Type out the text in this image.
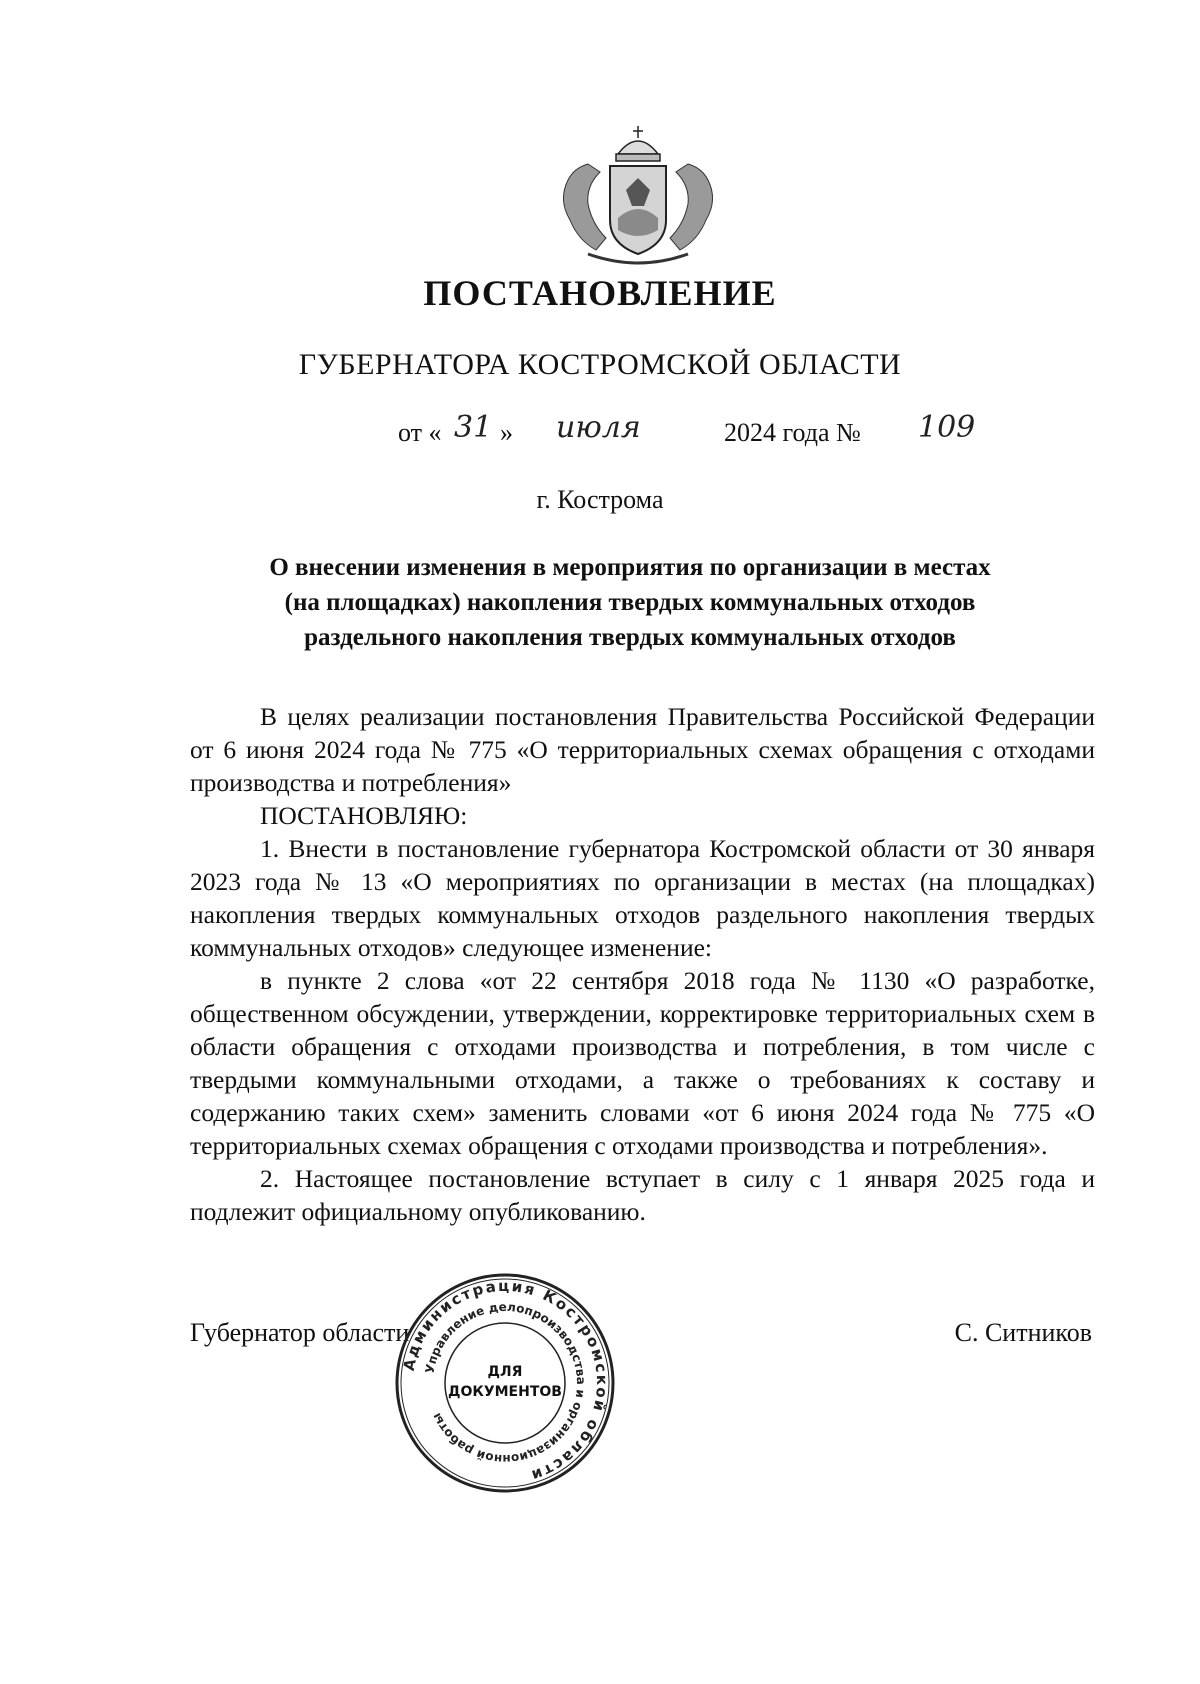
ПОСТАНОВЛЕНИЕ
ГУБЕРНАТОРА КОСТРОМСКОЙ ОБЛАСТИ
от « 31 » июля	2024 года № 109
г. Кострома
О внесении изменения в мероприятия по организации в местах
(на площадках) накопления твердых коммунальных отходов
раздельного накопления твердых коммунальных отходов

В целях реализации постановления Правительства Российской Федерации от 6 июня 2024 года № 775 «О территориальных схемах обращения с отходами производства и потребления»

ПОСТАНОВЛЯЮ:

1. Внести в постановление губернатора Костромской области от 30 января 2023 года № 13 «О мероприятиях по организации в местах (на площадках) накопления твердых коммунальных отходов раздельного накопления твердых коммунальных отходов» следующее изменение:

в пункте 2 слова «от 22 сентября 2018 года № 1130 «О разработке, общественном обсуждении, утверждении, корректировке территориальных схем в области обращения с отходами производства и потребления, в том числе с твердыми коммунальными отходами, а также о требованиях к составу и содержанию таких схем» заменить словами «от 6 июня 2024 года № 775 «О территориальных схемах обращения с отходами производства и потребления».

2. Настоящее постановление вступает в силу с 1 января 2025 года и подлежит официальному опубликованию.

Губернатор области	С. Ситников
Администрация Костромской области
Управление делопроизводства и организационной работы
ДЛЯ
ДОКУМЕНТОВ
